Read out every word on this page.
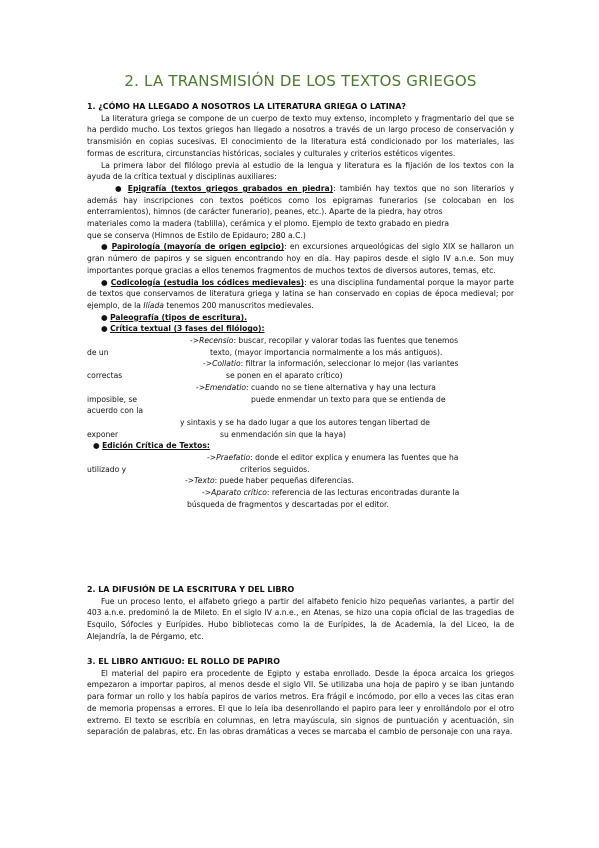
2. LA TRANSMISIÓN DE LOS TEXTOS GRIEGOS

1. ¿CÓMO HA LLEGADO A NOSOTROS LA LITERATURA GRIEGA O LATINA?

La literatura griega se compone de un cuerpo de texto muy extenso, incompleto y fragmentario del que se ha perdido mucho. Los textos griegos han llegado a nosotros a través de un largo proceso de conservación y transmisión en copias sucesivas. El conocimiento de la literatura está condicionado por los materiales, las formas de escritura, circunstancias históricas, sociales y culturales y criterios estéticos vigentes.

La primera labor del filólogo previa al estudio de la lengua y literatura es la fijación de los textos con la ayuda de la crítica textual y disciplinas auxiliares:

● Epigrafía (textos griegos grabados en piedra): también hay textos que no son literarios y además hay inscripciones con textos poéticos como los epigramas funerarios (se colocaban en los enterramientos), himnos (de carácter funerario), peanes, etc.). Aparte de la piedra, hay otros

materiales como la madera (tablilla), cerámica y el plomo. Ejemplo de texto grabado en piedra

que se conserva (Himnos de Estilo de Epidauro; 280 a.C.)

● Papirología (mayoría de origen egipcio): en excursiones arqueológicas del siglo XIX se hallaron un gran número de papiros y se siguen encontrando hoy en día. Hay papiros desde el siglo IV a.n.e. Son muy importantes porque gracias a ellos tenemos fragmentos de muchos textos de diversos autores, temas, etc.

● Codicología (estudia los códices medievales): es una disciplina fundamental porque la mayor parte de textos que conservamos de literatura griega y latina se han conservado en copias de época medieval; por ejemplo, de la Ilíada tenemos 200 manuscritos medievales.

● Paleografía (tipos de escritura).

● Crítica textual (3 fases del filólogo):

->Recensio: buscar, recopilar y valorar todas las fuentes que tenemos
de un	texto, (mayor importancia normalmente a los más antiguos).
->Collatio: filtrar la información, seleccionar lo mejor (las variantes
correctas	se ponen en el aparato crítico)
->Emendatio: cuando no se tiene alternativa y hay una lectura
imposible, se	puede enmendar un texto para que se entienda de
acuerdo con la
y sintaxis y se ha dado lugar a que los autores tengan libertad de
exponer	su enmendación sin que la haya)

● Edición Crítica de Textos:

->Praefatio: donde el editor explica y enumera las fuentes que ha
utilizado y	criterios seguidos.
->Texto: puede haber pequeñas diferencias.
->Aparato crítico: referencia de las lecturas encontradas durante la
búsqueda de fragmentos y descartadas por el editor.

2. LA DIFUSIÓN DE LA ESCRITURA Y DEL LIBRO

Fue un proceso lento, el alfabeto griego a partir del alfabeto fenicio hizo pequeñas variantes, a partir del 403 a.n.e. predominó la de Mileto. En el siglo IV a.n.e., en Atenas, se hizo una copia oficial de las tragedias de Esquilo, Sófocles y Eurípides. Hubo bibliotecas como la de Eurípides, la de Academia, la del Liceo, la de Alejandría, la de Pérgamo, etc.

3. EL LIBRO ANTIGUO: EL ROLLO DE PAPIRO

El material del papiro era procedente de Egipto y estaba enrollado. Desde la época arcaica los griegos empezaron a importar papiros, al menos desde el siglo VII. Se utilizaba una hoja de papiro y se iban juntando para formar un rollo y los había papiros de varios metros. Era frágil e incómodo, por ello a veces las citas eran de memoria propensas a errores. El que lo leía iba desenrollando el papiro para leer y enrollándolo por el otro extremo. El texto se escribía en columnas, en letra mayúscula, sin signos de puntuación y acentuación, sin separación de palabras, etc. En las obras dramáticas a veces se marcaba el cambio de personaje con una raya.
